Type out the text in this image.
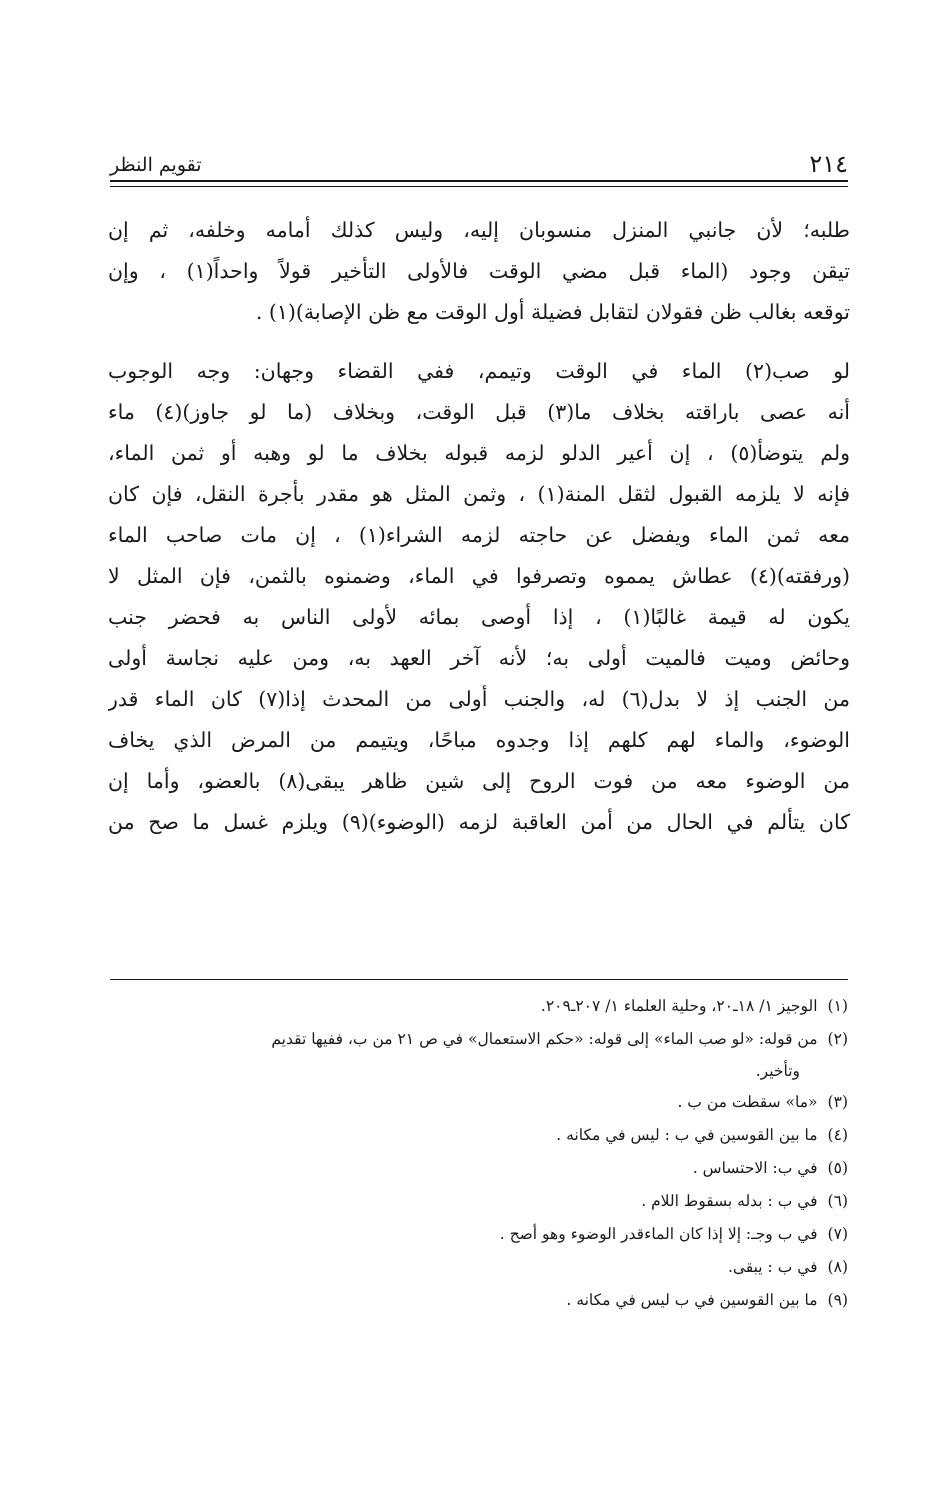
٢١٤
تقويم النظر

طلبه؛ لأن جانبي المنزل منسوبان إليه، وليس كذلك أمامه وخلفه، ثم إن

تيقن وجود (الماء قبل مضي الوقت فالأولى التأخير قولاً واحداً(١) ، وإن

توقعه بغالب ظن فقولان لتقابل فضيلة أول الوقت مع ظن الإصابة)(١) .

لو صب(٢) الماء في الوقت وتيمم، ففي القضاء وجهان: وجه الوجوب

أنه عصى باراقته بخلاف ما(٣) قبل الوقت، وبخلاف (ما لو جاوز)(٤) ماء

ولم يتوضأ(٥) ، إن أعير الدلو لزمه قبوله بخلاف ما لو وهبه أو ثمن الماء،

فإنه لا يلزمه القبول لثقل المنة(١) ، وثمن المثل هو مقدر بأجرة النقل، فإن كان

معه ثمن الماء ويفضل عن حاجته لزمه الشراء(١) ، إن مات صاحب الماء

(ورفقته)(٤) عطاش يمموه وتصرفوا في الماء، وضمنوه بالثمن، فإن المثل لا

يكون له قيمة غالبًا(١) ، إذا أوصى بمائه لأولى الناس به فحضر جنب

وحائض وميت فالميت أولى به؛ لأنه آخر العهد به، ومن عليه نجاسة أولى

من الجنب إذ لا بدل(٦) له، والجنب أولى من المحدث إذا(٧) كان الماء قدر

الوضوء، والماء لهم كلهم إذا وجدوه مباحًا، ويتيمم من المرض الذي يخاف

من الوضوء معه من فوت الروح إلى شين ظاهر يبقى(٨) بالعضو، وأما إن

كان يتألم في الحال من أمن العاقبة لزمه (الوضوء)(٩) ويلزم غسل ما صح من

(١)
الوجيز ١/ ١٨ـ٢٠، وحلية العلماء ١/ ٢٠٧ـ٢٠٩.
(٢)
من قوله: «لو صب الماء» إلى قوله: «حكم الاستعمال» في ص ٢١ من ب، ففيها تقديم
وتأخير.
(٣)
«ما» سقطت من ب .
(٤)
ما بين القوسين في ب : ليس في مكانه .
(٥)
في ب: الاحتساس .
(٦)
في ب : بدله بسقوط اللام .
(٧)
في ب وجـ: إلا إذا كان الماءقدر الوضوء وهو أصح .
(٨)
في ب : يبقى.
(٩)
ما بين القوسين في ب ليس في مكانه .
